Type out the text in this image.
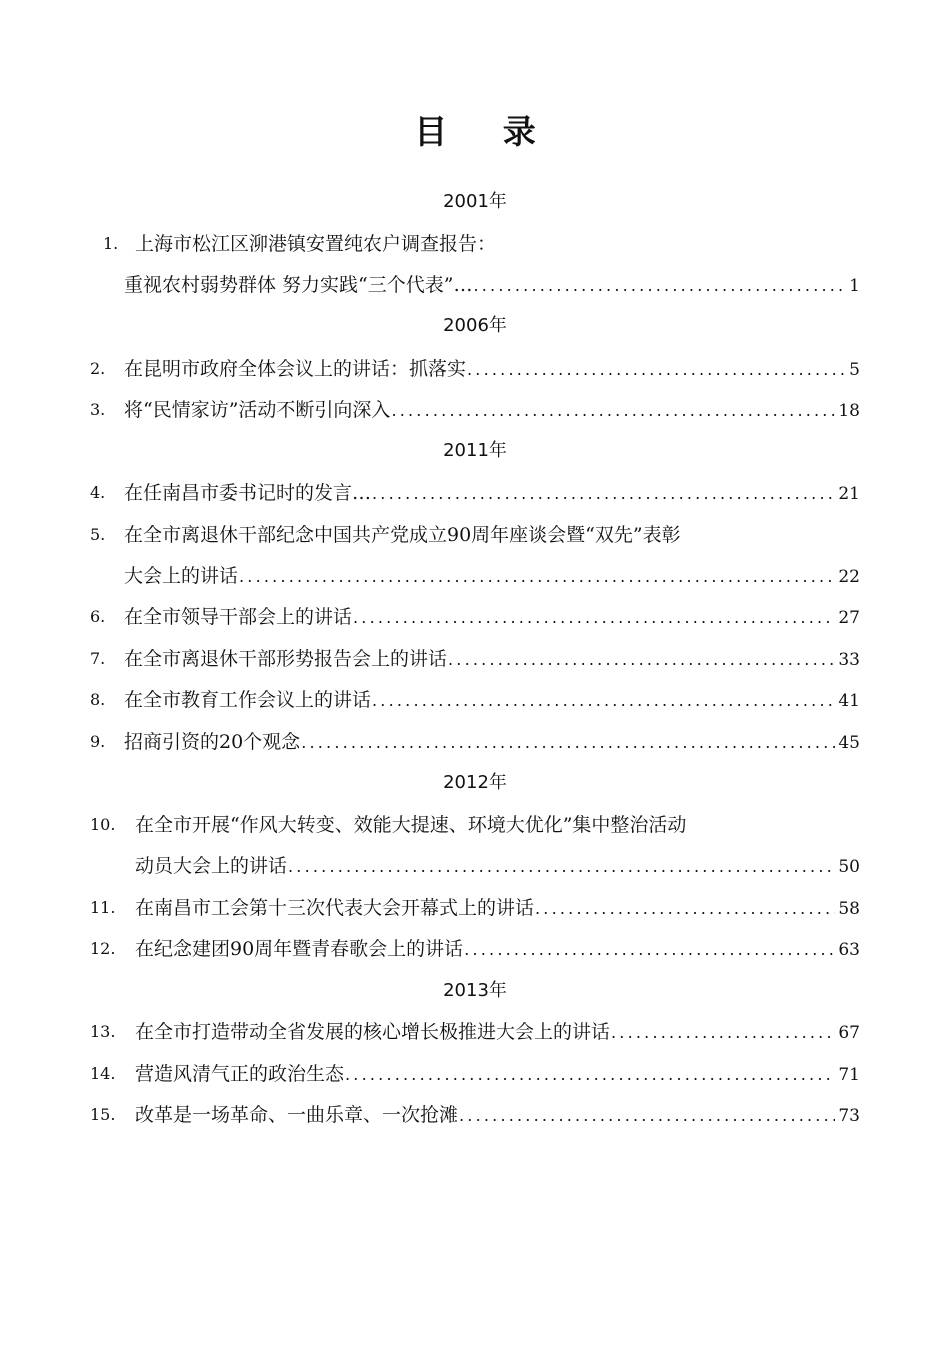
目 录
2001年
1. 上海市松江区泖港镇安置纯农户调查报告：
重视农村弱势群体 努力实践“三个代表”… .....	1
2006年
2. 在昆明市政府全体会议上的讲话：抓落实 .....	5
3. 将“民情家访”活动不断引向深入 .....	18
2011年
4. 在任南昌市委书记时的发言… .....	21
5. 在全市离退休干部纪念中国共产党成立90周年座谈会暨“双先”表彰
大会上的讲话 .....	22
6. 在全市领导干部会上的讲话 .....	27
7. 在全市离退休干部形势报告会上的讲话 .....	33
8. 在全市教育工作会议上的讲话 .....	41
9. 招商引资的20个观念 .....	45
2012年
10. 在全市开展“作风大转变、效能大提速、环境大优化”集中整治活动
动员大会上的讲话 .....	50
11. 在南昌市工会第十三次代表大会开幕式上的讲话 .....	58
12. 在纪念建团90周年暨青春歌会上的讲话 .....	63
2013年
13. 在全市打造带动全省发展的核心增长极推进大会上的讲话 .....	67
14. 营造风清气正的政治生态 .....	71
15. 改革是一场革命、一曲乐章、一次抢滩 .....	73
